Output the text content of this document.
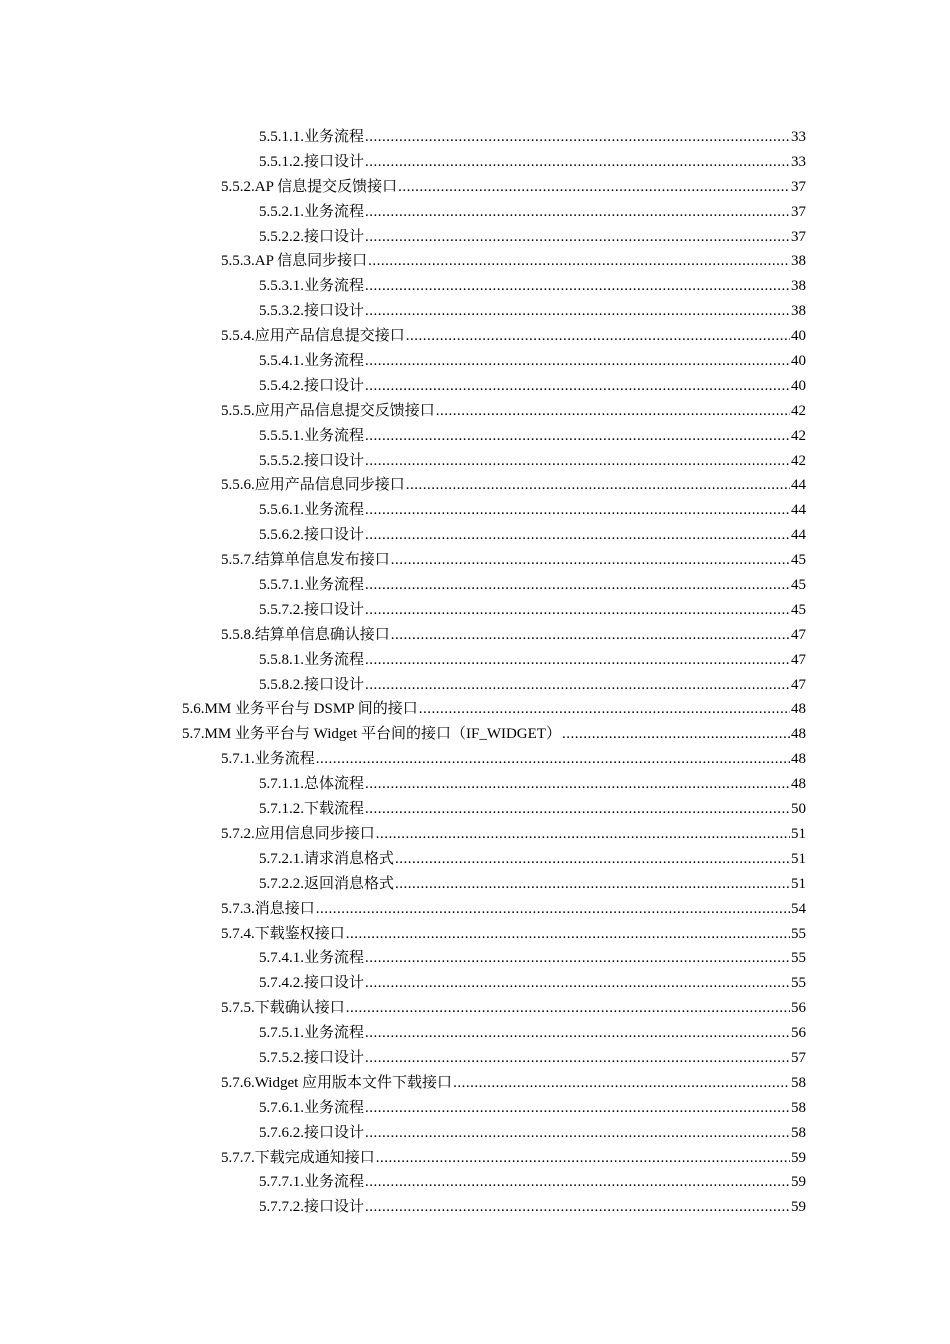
5.5.1.1. 业务流程 .....	33
5.5.1.2. 接口设计 .....	33
5.5.2. AP 信息提交反馈接口 .....	37
5.5.2.1. 业务流程 .....	37
5.5.2.2. 接口设计 .....	37
5.5.3. AP 信息同步接口 .....	38
5.5.3.1. 业务流程 .....	38
5.5.3.2. 接口设计 .....	38
5.5.4. 应用产品信息提交接口 .....	40
5.5.4.1. 业务流程 .....	40
5.5.4.2. 接口设计 .....	40
5.5.5. 应用产品信息提交反馈接口 .....	42
5.5.5.1. 业务流程 .....	42
5.5.5.2. 接口设计 .....	42
5.5.6. 应用产品信息同步接口 .....	44
5.5.6.1. 业务流程 .....	44
5.5.6.2. 接口设计 .....	44
5.5.7. 结算单信息发布接口 .....	45
5.5.7.1. 业务流程 .....	45
5.5.7.2. 接口设计 .....	45
5.5.8. 结算单信息确认接口 .....	47
5.5.8.1. 业务流程 .....	47
5.5.8.2. 接口设计 .....	47
5.6. MM 业务平台与 DSMP 间的接口 .....	48
5.7. MM 业务平台与 Widget 平台间的接口（IF_WIDGET） .....	48
5.7.1. 业务流程 .....	48
5.7.1.1. 总体流程 .....	48
5.7.1.2. 下载流程 .....	50
5.7.2. 应用信息同步接口 .....	51
5.7.2.1. 请求消息格式 .....	51
5.7.2.2. 返回消息格式 .....	51
5.7.3. 消息接口 .....	54
5.7.4. 下载鉴权接口 .....	55
5.7.4.1. 业务流程 .....	55
5.7.4.2. 接口设计 .....	55
5.7.5. 下载确认接口 .....	56
5.7.5.1. 业务流程 .....	56
5.7.5.2. 接口设计 .....	57
5.7.6. Widget 应用版本文件下载接口 .....	58
5.7.6.1. 业务流程 .....	58
5.7.6.2. 接口设计 .....	58
5.7.7. 下载完成通知接口 .....	59
5.7.7.1. 业务流程 .....	59
5.7.7.2. 接口设计 .....	59
